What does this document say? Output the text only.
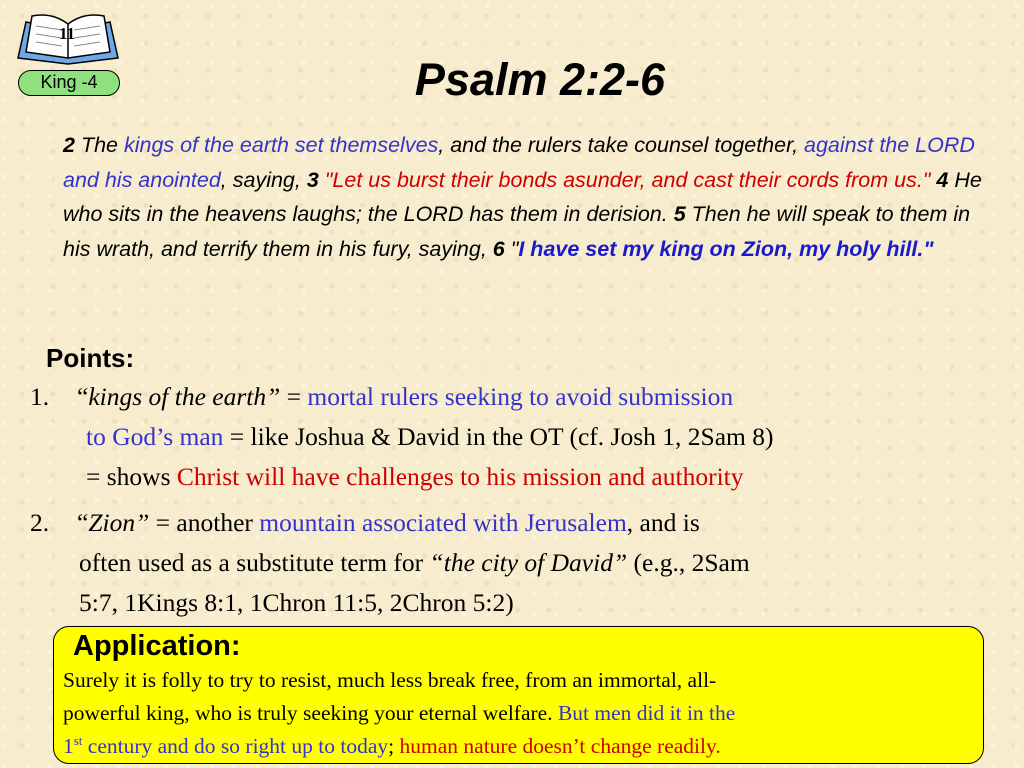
11
King -4	Psalm 2:2-6
2 The kings of the earth set themselves, and the rulers take counsel together, against the LORD and his anointed, saying, 3 "Let us burst their bonds asunder, and cast their cords from us." 4 He who sits in the heavens laughs; the LORD has them in derision. 5 Then he will speak to them in his wrath, and terrify them in his fury, saying, 6 "I have set my king on Zion, my holy hill."
Points:
1. “kings of the earth” = mortal rulers seeking to avoid submission
to God’s man = like Joshua & David in the OT (cf. Josh 1, 2Sam 8)
= shows Christ will have challenges to his mission and authority
2. “Zion” = another mountain associated with Jerusalem, and is
often used as a substitute term for “the city of David” (e.g., 2Sam
5:7, 1Kings 8:1, 1Chron 11:5, 2Chron 5:2)
Application:
Surely it is folly to try to resist, much less break free, from an immortal, all-
powerful king, who is truly seeking your eternal welfare. But men did it in the
1st century and do so right up to today; human nature doesn’t change readily.
